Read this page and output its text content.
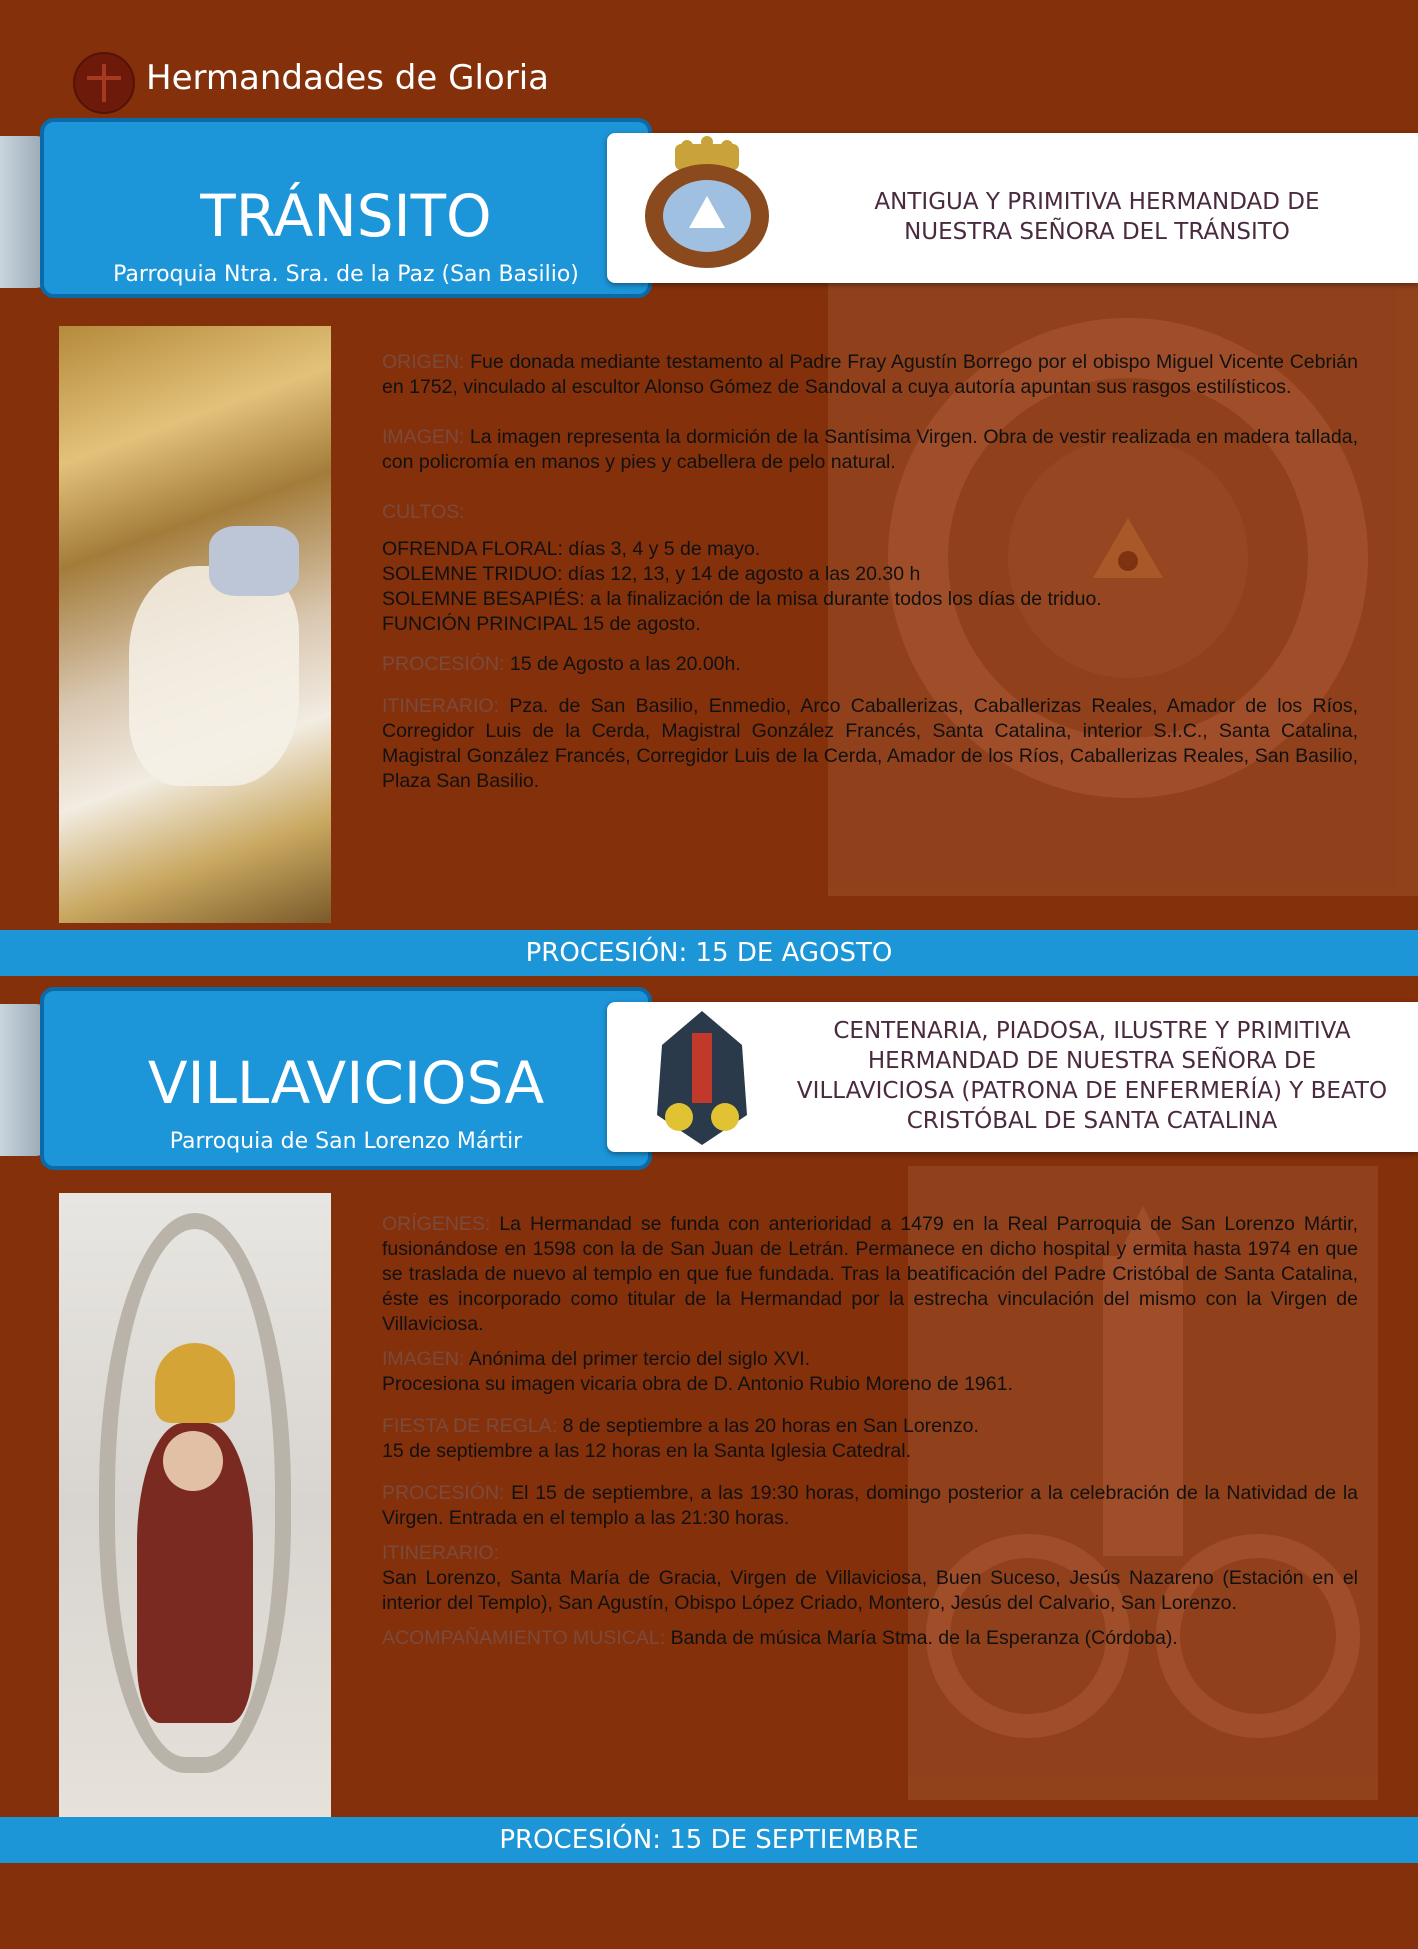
Hermandades de Gloria
TRÁNSITO
Parroquia Ntra. Sra. de la Paz (San Basilio)
ANTIGUA Y PRIMITIVA HERMANDAD DE NUESTRA SEÑORA DEL TRÁNSITO

ORIGEN: Fue donada mediante testamento al Padre Fray Agustín Borrego por el obispo Miguel Vicente Cebrián en 1752, vinculado al escultor Alonso Gómez de Sandoval a cuya autoría apuntan sus rasgos estilísticos.

IMAGEN: La imagen representa la dormición de la Santísima Virgen. Obra de vestir realizada en madera tallada, con policromía en manos y pies y cabellera de pelo natural.

CULTOS:

OFRENDA FLORAL: días 3, 4 y 5 de mayo.

SOLEMNE TRIDUO: días 12, 13, y 14 de agosto a las 20.30 h

SOLEMNE BESAPIÉS: a la finalización de la misa durante todos los días de triduo.

FUNCIÓN PRINCIPAL 15 de agosto.

PROCESIÓN: 15 de Agosto a las 20.00h.

ITINERARIO: Pza. de San Basilio, Enmedio, Arco Caballerizas, Caballerizas Reales, Amador de los Ríos, Corregidor Luis de la Cerda, Magistral González Francés, Santa Catalina, interior S.I.C., Santa Catalina, Magistral González Francés, Corregidor Luis de la Cerda, Amador de los Ríos, Caballerizas Reales, San Basilio, Plaza San Basilio.

PROCESIÓN: 15 DE AGOSTO
VILLAVICIOSA
Parroquia de San Lorenzo Mártir
CENTENARIA, PIADOSA, ILUSTRE Y PRIMITIVA HERMANDAD DE NUESTRA SEÑORA DE VILLAVICIOSA (PATRONA DE ENFERMERÍA) Y BEATO CRISTÓBAL DE SANTA CATALINA

ORÍGENES: La Hermandad se funda con anterioridad a 1479 en la Real Parroquia de San Lorenzo Mártir, fusionándose en 1598 con la de San Juan de Letrán. Permanece en dicho hospital y ermita hasta 1974 en que se traslada de nuevo al templo en que fue fundada. Tras la beatificación del Padre Cristóbal de Santa Catalina, éste es incorporado como titular de la Hermandad por la estrecha vinculación del mismo con la Virgen de Villaviciosa.

IMAGEN: Anónima del primer tercio del siglo XVI.

Procesiona su imagen vicaria obra de D. Antonio Rubio Moreno de 1961.

FIESTA DE REGLA: 8 de septiembre a las 20 horas en San Lorenzo.

15 de septiembre a las 12 horas en la Santa Iglesia Catedral.

PROCESIÓN: El 15 de septiembre, a las 19:30 horas, domingo posterior a la celebración de la Natividad de la Virgen. Entrada en el templo a las 21:30 horas.

ITINERARIO:

San Lorenzo, Santa María de Gracia, Virgen de Villaviciosa, Buen Suceso, Jesús Nazareno (Estación en el interior del Templo), San Agustín, Obispo López Criado, Montero, Jesús del Calvario, San Lorenzo.

ACOMPAÑAMIENTO MUSICAL: Banda de música María Stma. de la Esperanza (Córdoba).

PROCESIÓN: 15 DE SEPTIEMBRE
